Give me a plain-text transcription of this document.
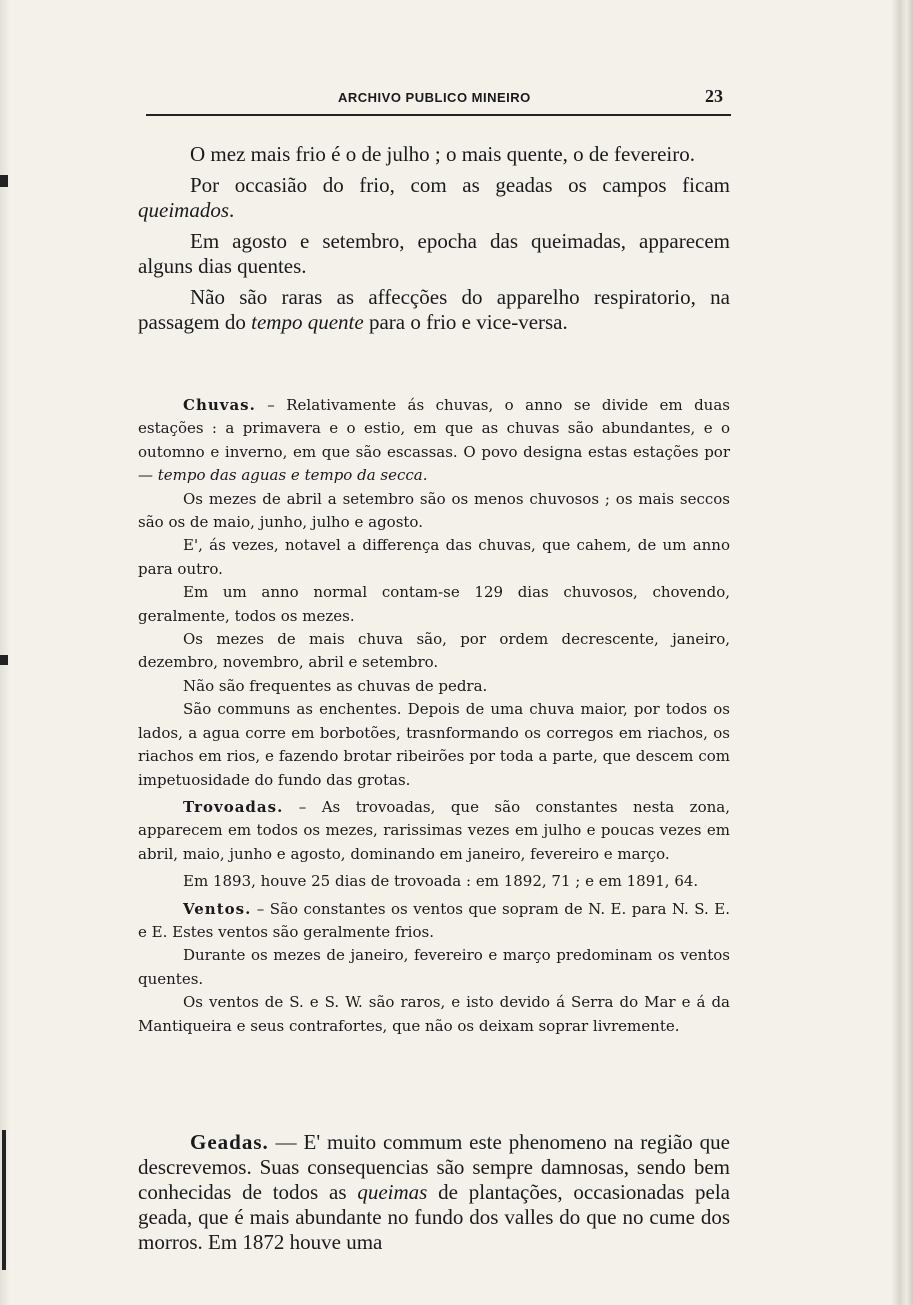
ARCHIVO PUBLICO MINEIRO	23

O mez mais frio é o de julho ; o mais quente, o de fevereiro.

Por occasião do frio, com as geadas os campos ficam queimados.

Em agosto e setembro, epocha das queimadas, apparecem alguns dias quentes.

Não são raras as affecções do apparelho respiratorio, na passagem do tempo quente para o frio e vice-versa.

Chuvas. – Relativamente ás chuvas, o anno se divide em duas estações : a primavera e o estio, em que as chuvas são abundantes, e o outomno e inverno, em que são escassas. O povo designa estas estações por — tempo das aguas e tempo da secca.

Os mezes de abril a setembro são os menos chuvosos ; os mais seccos são os de maio, junho, julho e agosto.

E', ás vezes, notavel a differença das chuvas, que cahem, de um anno para outro.

Em um anno normal contam-se 129 dias chuvosos, chovendo, geralmente, todos os mezes.

Os mezes de mais chuva são, por ordem decrescente, janeiro, dezembro, novembro, abril e setembro.

Não são frequentes as chuvas de pedra.

São communs as enchentes. Depois de uma chuva maior, por todos os lados, a agua corre em borbotões, trasnformando os corregos em riachos, os riachos em rios, e fazendo brotar ribeirões por toda a parte, que descem com impetuosidade do fundo das grotas.

Trovoadas. – As trovoadas, que são constantes nesta zona, apparecem em todos os mezes, rarissimas vezes em julho e poucas vezes em abril, maio, junho e agosto, dominando em janeiro, fevereiro e março.

Em 1893, houve 25 dias de trovoada : em 1892, 71 ; e em 1891, 64.

Ventos. – São constantes os ventos que sopram de N. E. para N. S. E. e E. Estes ventos são geralmente frios.

Durante os mezes de janeiro, fevereiro e março predominam os ventos quentes.

Os ventos de S. e S. W. são raros, e isto devido á Serra do Mar e á da Mantiqueira e seus contrafortes, que não os deixam soprar livremente.

Geadas. — E' muito commum este phenomeno na região que descrevemos. Suas consequencias são sempre damnosas, sendo bem conhecidas de todos as queimas de plantações, occasionadas pela geada, que é mais abundante no fundo dos valles do que no cume dos morros. Em 1872 houve uma
